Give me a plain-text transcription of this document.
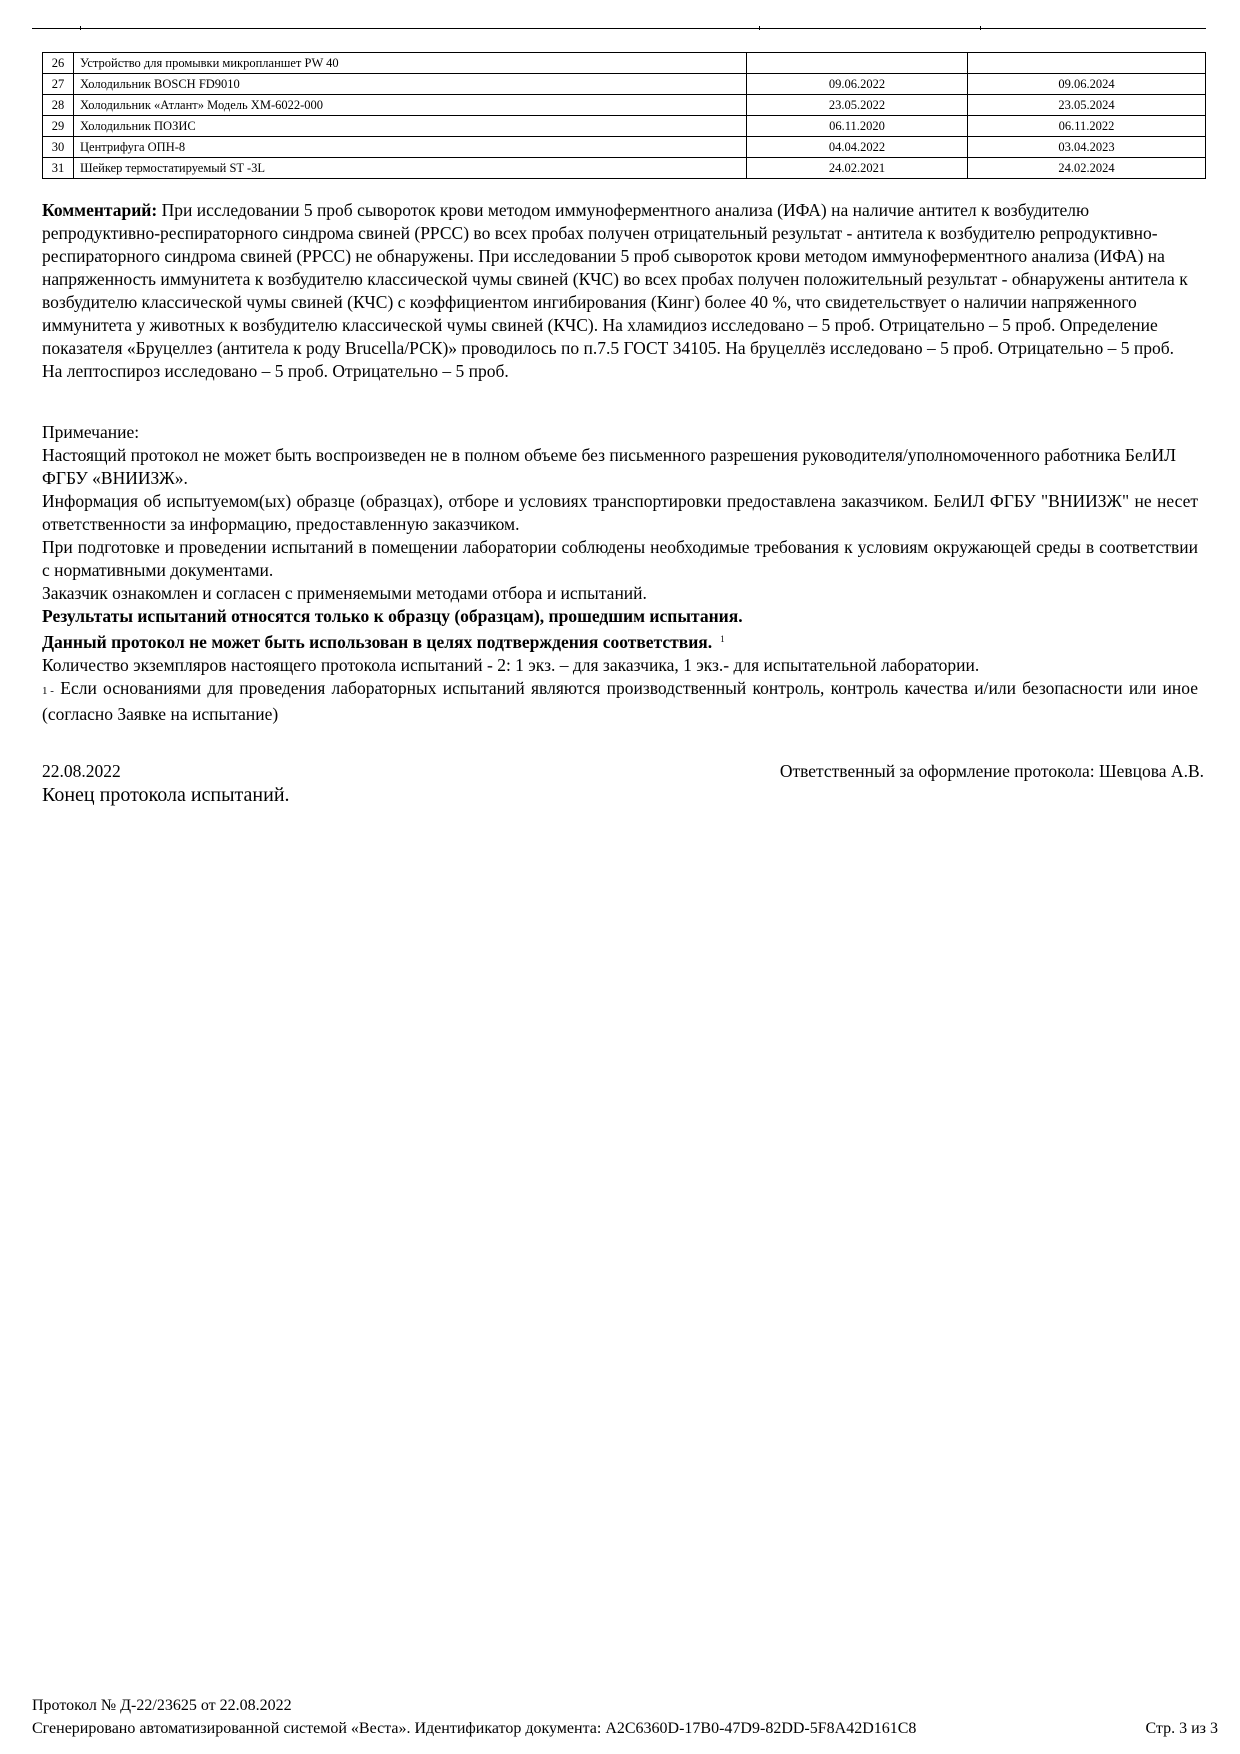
26	Устройство для промывки микропланшет PW 40		
27	Холодильник BOSCH FD9010	09.06.2022	09.06.2024
28	Холодильник «Атлант» Модель ХМ-6022-000	23.05.2022	23.05.2024
29	Холодильник ПОЗИС	06.11.2020	06.11.2022
30	Центрифуга ОПН-8	04.04.2022	03.04.2023
31	Шейкер термостатируемый ST -3L	24.02.2021	24.02.2024
Комментарий: При исследовании 5 проб сывороток крови методом иммуноферментного анализа (ИФА) на наличие антител к возбудителю репродуктивно-респираторного синдрома свиней (РРСС) во всех пробах получен отрицательный результат - антитела к возбудителю репродуктивно-респираторного синдрома свиней (РРСС) не обнаружены. При исследовании 5 проб сывороток крови методом иммуноферментного анализа (ИФА) на напряженность иммунитета к возбудителю классической чумы свиней (КЧС) во всех пробах получен положительный результат - обнаружены антитела к возбудителю классической чумы свиней (КЧС) с коэффициентом ингибирования (Кинг) более 40 %, что свидетельствует о наличии напряженного иммунитета у животных к возбудителю классической чумы свиней (КЧС). На хламидиоз исследовано – 5 проб. Отрицательно – 5 проб. Определение показателя «Бруцеллез (антитела к роду Brucella/РСК)» проводилось по п.7.5 ГОСТ 34105. На бруцеллёз исследовано – 5 проб. Отрицательно – 5 проб. На лептоспироз исследовано – 5 проб. Отрицательно – 5 проб.

Примечание:

Настоящий протокол не может быть воспроизведен не в полном объеме без письменного разрешения руководителя/уполномоченного работника БелИЛ ФГБУ «ВНИИЗЖ».

Информация об испытуемом(ых) образце (образцах), отборе и условиях транспортировки предоставлена заказчиком. БелИЛ ФГБУ "ВНИИЗЖ" не несет ответственности за информацию, предоставленную заказчиком.

При подготовке и проведении испытаний в помещении лаборатории соблюдены необходимые требования к условиям окружающей среды в соответствии с нормативными документами.

Заказчик ознакомлен и согласен с применяемыми методами отбора и испытаний.

Результаты испытаний относятся только к образцу (образцам), прошедшим испытания.

Данный протокол не может быть использован в целях подтверждения соответствия. $^1$

Количество экземпляров настоящего протокола испытаний - 2: 1 экз. – для заказчика, 1 экз.- для испытательной лаборатории.

1 - Если основаниями для проведения лабораторных испытаний являются производственный контроль, контроль качества и/или безопасности или иное (согласно Заявке на испытание)

22.08.2022	Ответственный за оформление протокола: Шевцова А.В.
Конец протокола испытаний.
Протокол № Д-22/23625 от 22.08.2022
Сгенерировано автоматизированной системой «Веста». Идентификатор документа: A2C6360D-17B0-47D9-82DD-5F8A42D161C8	Стр. 3 из 3
